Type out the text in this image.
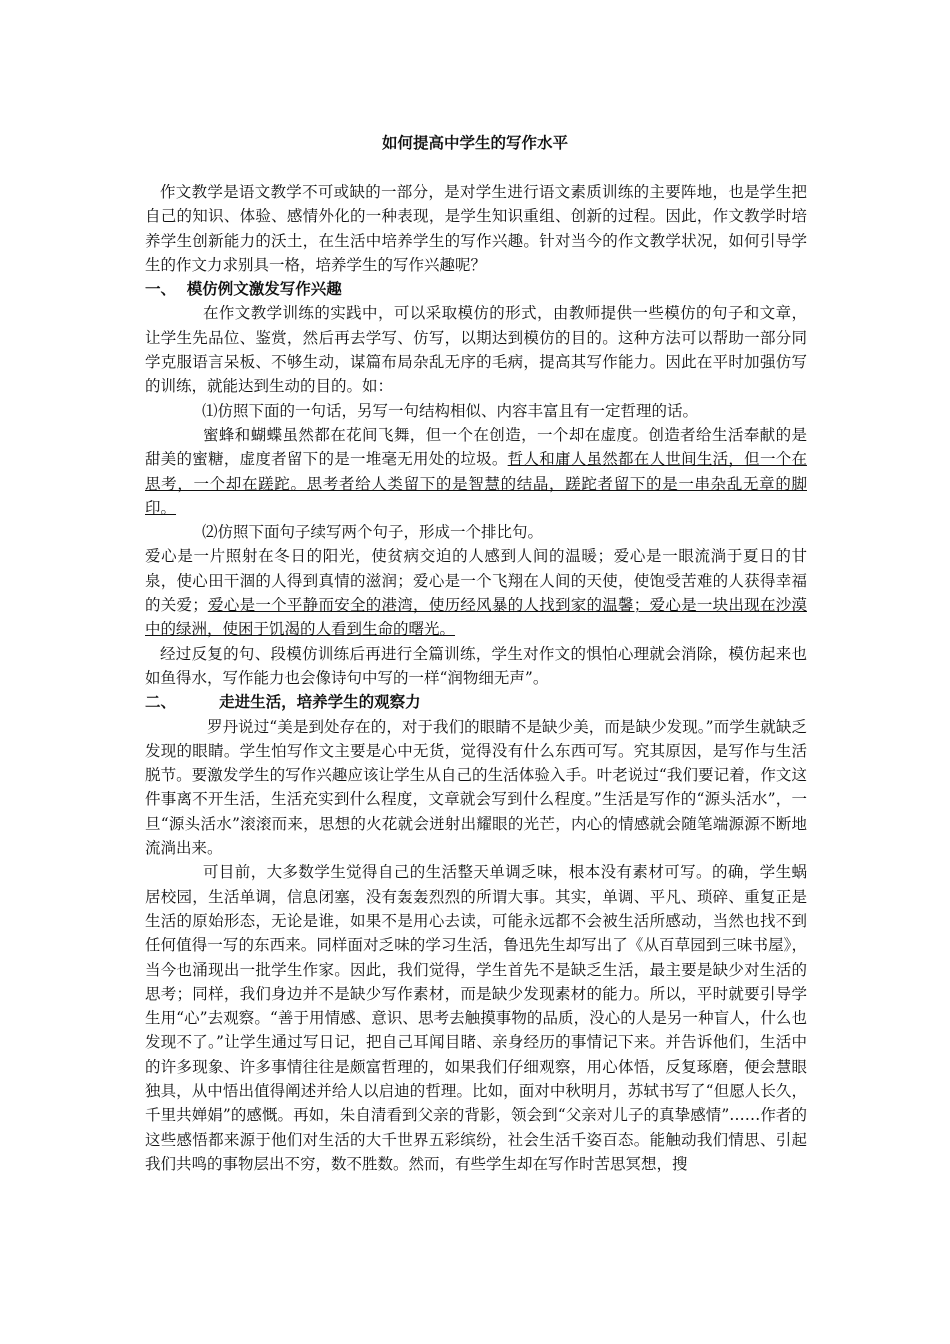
如何提高中学生的写作水平

作文教学是语文教学不可或缺的一部分，是对学生进行语文素质训练的主要阵地，也是学生把自己的知识、体验、感情外化的一种表现，是学生知识重组、创新的过程。因此，作文教学时培养学生创新能力的沃土，在生活中培养学生的写作兴趣。针对当今的作文教学状况，如何引导学生的作文力求别具一格，培养学生的写作兴趣呢？

一、  模仿例文激发写作兴趣

在作文教学训练的实践中，可以采取模仿的形式，由教师提供一些模仿的句子和文章，让学生先品位、鉴赏，然后再去学写、仿写，以期达到模仿的目的。这种方法可以帮助一部分同学克服语言呆板、不够生动，谋篇布局杂乱无序的毛病，提高其写作能力。因此在平时加强仿写的训练，就能达到生动的目的。如：

⑴仿照下面的一句话，另写一句结构相似、内容丰富且有一定哲理的话。

蜜蜂和蝴蝶虽然都在花间飞舞，但一个在创造，一个却在虚度。创造者给生活奉献的是甜美的蜜糖，虚度者留下的是一堆毫无用处的垃圾。哲人和庸人虽然都在人世间生活，但一个在思考，一个却在蹉跎。思考者给人类留下的是智慧的结晶，蹉跎者留下的是一串杂乱无章的脚印。

⑵仿照下面句子续写两个句子，形成一个排比句。

爱心是一片照射在冬日的阳光，使贫病交迫的人感到人间的温暖；爱心是一眼流淌于夏日的甘泉，使心田干涸的人得到真情的滋润；爱心是一个飞翔在人间的天使，使饱受苦难的人获得幸福的关爱；爱心是一个平静而安全的港湾，使历经风暴的人找到家的温馨；爱心是一块出现在沙漠中的绿洲，使困于饥渴的人看到生命的曙光。

经过反复的句、段模仿训练后再进行全篇训练，学生对作文的惧怕心理就会消除，模仿起来也如鱼得水，写作能力也会像诗句中写的一样“润物细无声”。

二、        走进生活，培养学生的观察力

罗丹说过“美是到处存在的，对于我们的眼睛不是缺少美，而是缺少发现。”而学生就缺乏发现的眼睛。学生怕写作文主要是心中无货，觉得没有什么东西可写。究其原因，是写作与生活脱节。要激发学生的写作兴趣应该让学生从自己的生活体验入手。叶老说过“我们要记着，作文这件事离不开生活，生活充实到什么程度，文章就会写到什么程度。”生活是写作的“源头活水”，一旦“源头活水”滚滚而来，思想的火花就会迸射出耀眼的光芒，内心的情感就会随笔端源源不断地流淌出来。

可目前，大多数学生觉得自己的生活整天单调乏味，根本没有素材可写。的确，学生蜗居校园，生活单调，信息闭塞，没有轰轰烈烈的所谓大事。其实，单调、平凡、琐碎、重复正是生活的原始形态，无论是谁，如果不是用心去读，可能永远都不会被生活所感动，当然也找不到任何值得一写的东西来。同样面对乏味的学习生活，鲁迅先生却写出了《从百草园到三味书屋》，当今也涌现出一批学生作家。因此，我们觉得，学生首先不是缺乏生活，最主要是缺少对生活的思考；同样，我们身边并不是缺少写作素材，而是缺少发现素材的能力。所以，平时就要引导学生用“心”去观察。“善于用情感、意识、思考去触摸事物的品质，没心的人是另一种盲人，什么也发现不了。”让学生通过写日记，把自己耳闻目睹、亲身经历的事情记下来。并告诉他们，生活中的许多现象、许多事情往往是颇富哲理的，如果我们仔细观察，用心体悟，反复琢磨，便会慧眼独具，从中悟出值得阐述并给人以启迪的哲理。比如，面对中秋明月，苏轼书写了“但愿人长久，千里共婵娟”的感慨。再如，朱自清看到父亲的背影，领会到“父亲对儿子的真挚感情”……作者的这些感悟都来源于他们对生活的大千世界五彩缤纷，社会生活千姿百态。能触动我们情思、引起我们共鸣的事物层出不穷，数不胜数。然而，有些学生却在写作时苦思冥想，搜
